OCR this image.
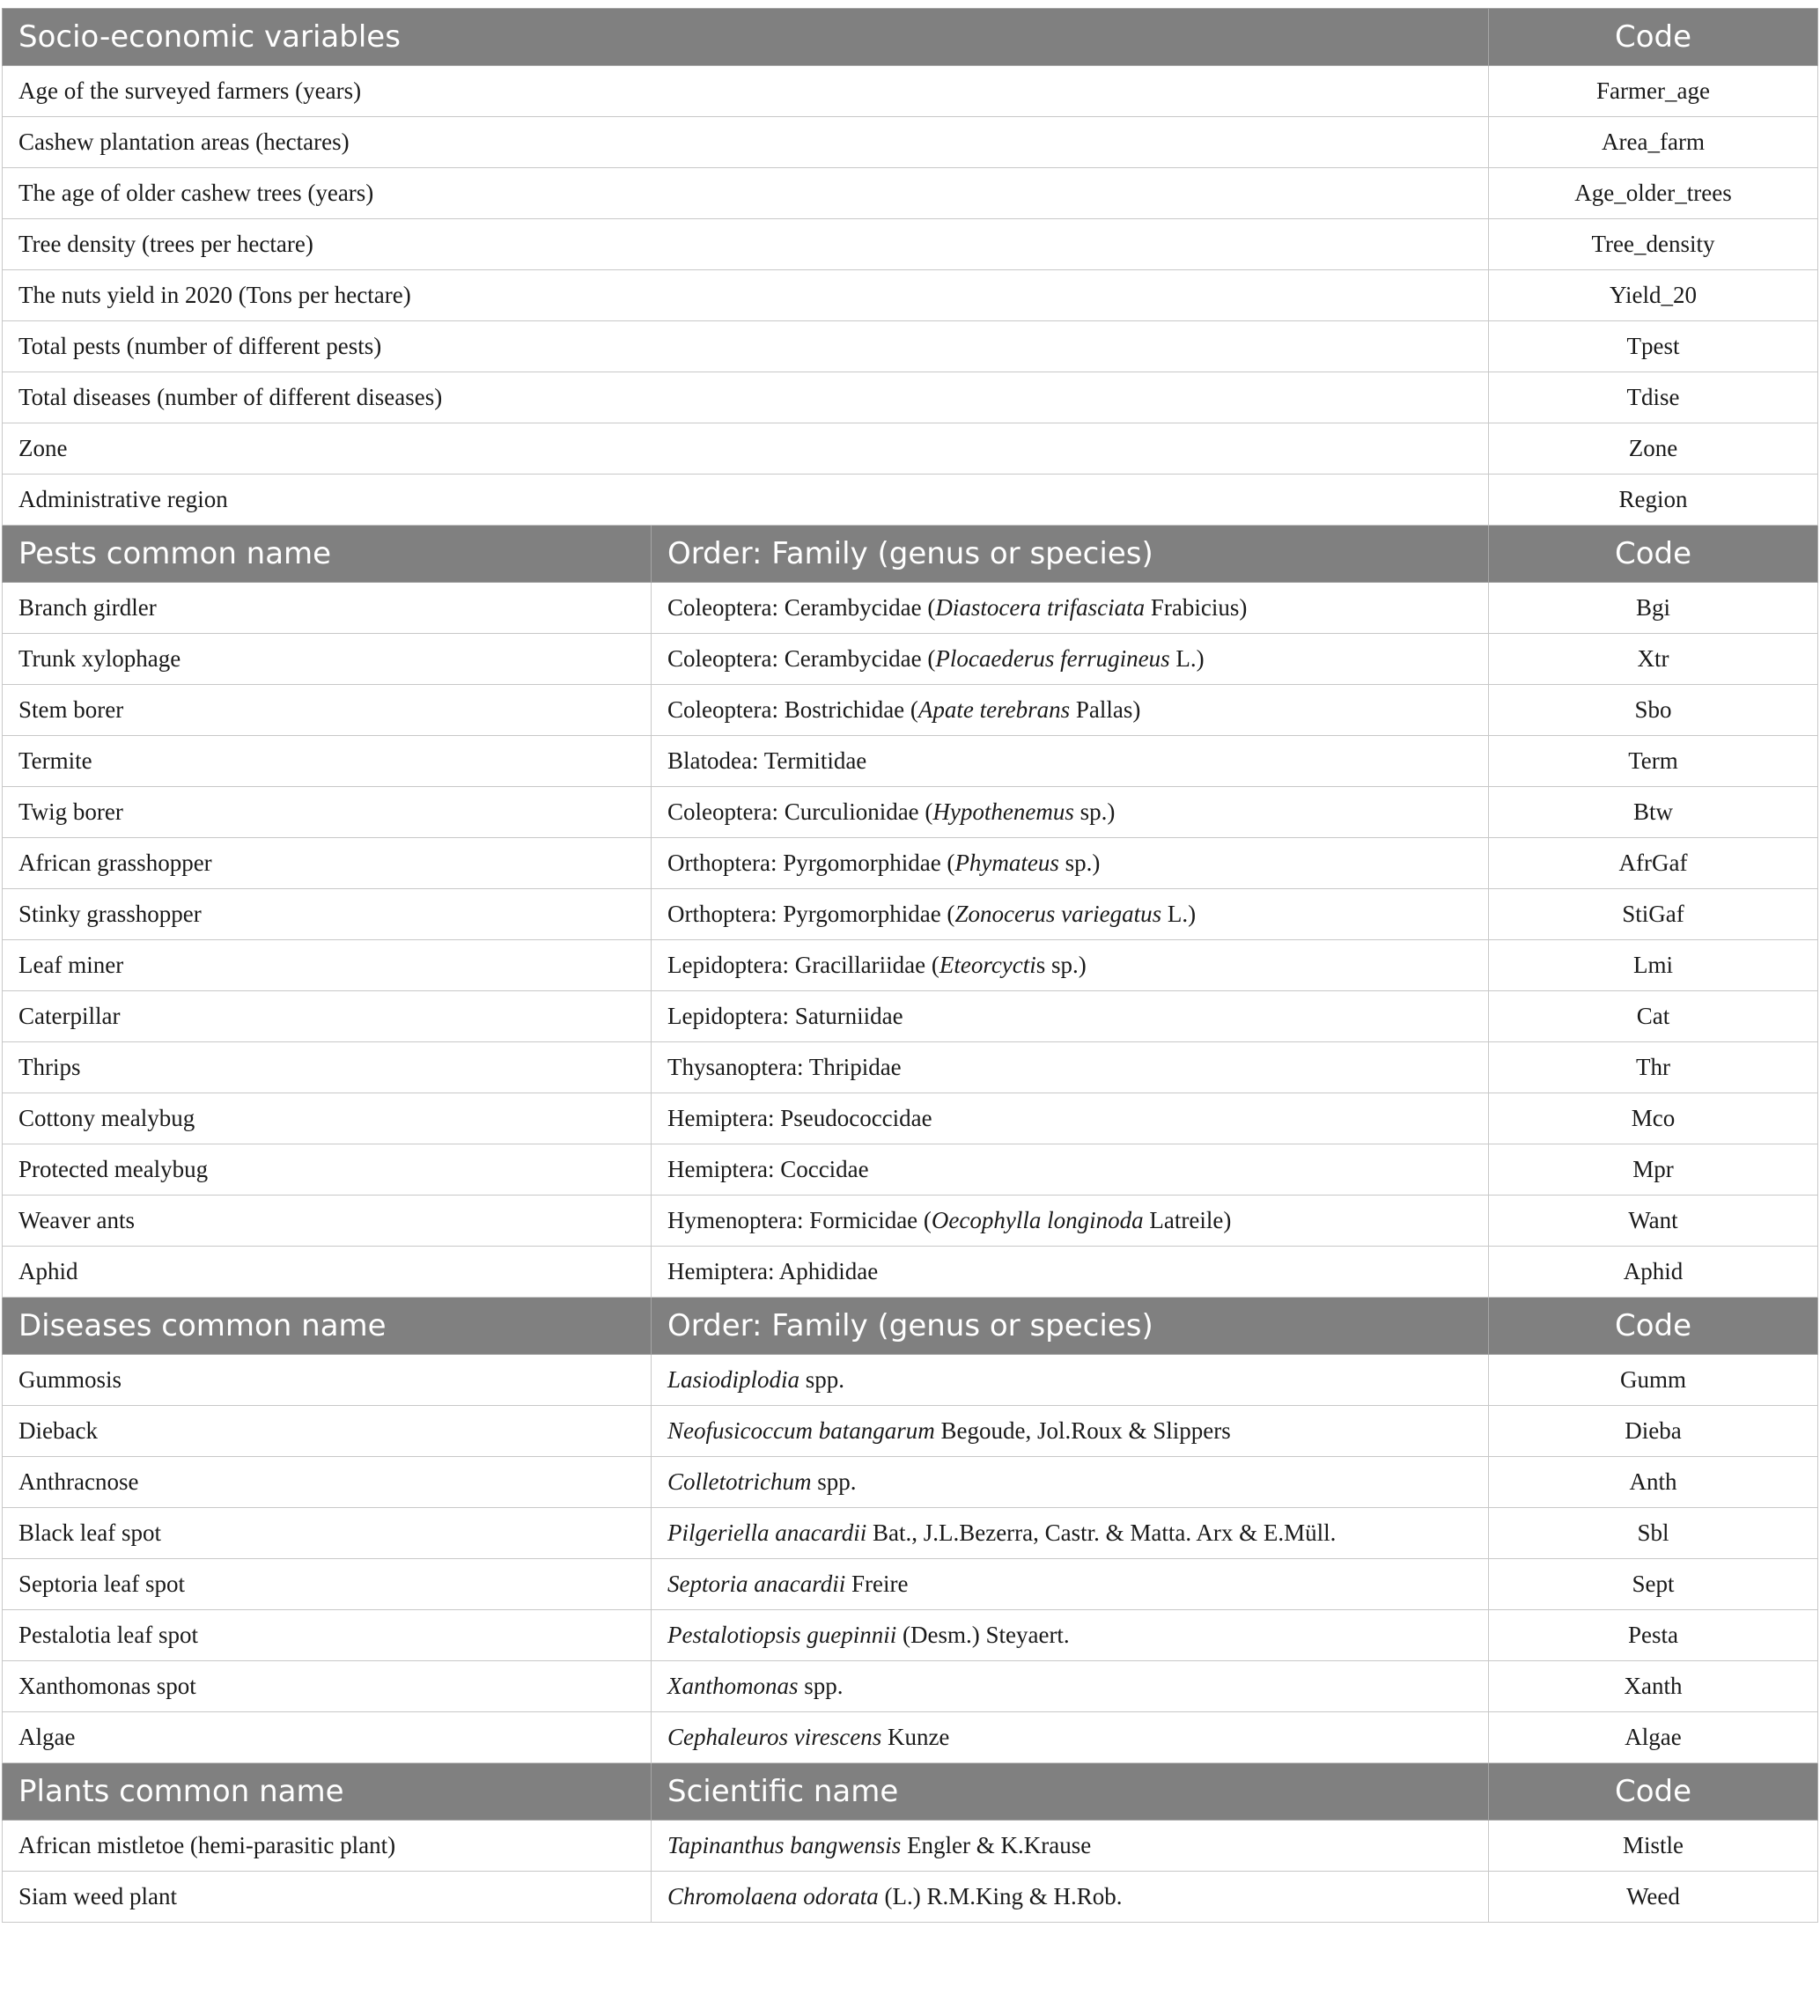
Socio-economic variables		Code
Age of the surveyed farmers (years)		Farmer_age
Cashew plantation areas (hectares)		Area_farm
The age of older cashew trees (years)		Age_older_trees
Tree density (trees per hectare)		Tree_density
The nuts yield in 2020 (Tons per hectare)		Yield_20
Total pests (number of different pests)		Tpest
Total diseases (number of different diseases)		Tdise
Zone		Zone
Administrative region		Region
Pests common name	Order: Family (genus or species)	Code
Branch girdler	Coleoptera: Cerambycidae (Diastocera trifasciata Frabicius)	Bgi
Trunk xylophage	Coleoptera: Cerambycidae (Plocaederus ferrugineus L.)	Xtr
Stem borer	Coleoptera: Bostrichidae (Apate terebrans Pallas)	Sbo
Termite	Blatodea: Termitidae	Term
Twig borer	Coleoptera: Curculionidae (Hypothenemus sp.)	Btw
African grasshopper	Orthoptera: Pyrgomorphidae (Phymateus sp.)	AfrGaf
Stinky grasshopper	Orthoptera: Pyrgomorphidae (Zonocerus variegatus L.)	StiGaf
Leaf miner	Lepidoptera: Gracillariidae (Eteorcyctis sp.)	Lmi
Caterpillar	Lepidoptera: Saturniidae	Cat
Thrips	Thysanoptera: Thripidae	Thr
Cottony mealybug	Hemiptera: Pseudococcidae	Mco
Protected mealybug	Hemiptera: Coccidae	Mpr
Weaver ants	Hymenoptera: Formicidae (Oecophylla longinoda Latreile)	Want
Aphid	Hemiptera: Aphididae	Aphid
Diseases common name	Order: Family (genus or species)	Code
Gummosis	Lasiodiplodia spp.	Gumm
Dieback	Neofusicoccum batangarum Begoude, Jol.Roux & Slippers	Dieba
Anthracnose	Colletotrichum spp.	Anth
Black leaf spot	Pilgeriella anacardii Bat., J.L.Bezerra, Castr. & Matta. Arx & E.Müll.	Sbl
Septoria leaf spot	Septoria anacardii Freire	Sept
Pestalotia leaf spot	Pestalotiopsis guepinnii (Desm.) Steyaert.	Pesta
Xanthomonas spot	Xanthomonas spp.	Xanth
Algae	Cephaleuros virescens Kunze	Algae
Plants common name	Scientific name	Code
African mistletoe (hemi-parasitic plant)	Tapinanthus bangwensis Engler & K.Krause	Mistle
Siam weed plant	Chromolaena odorata (L.) R.M.King & H.Rob.	Weed
